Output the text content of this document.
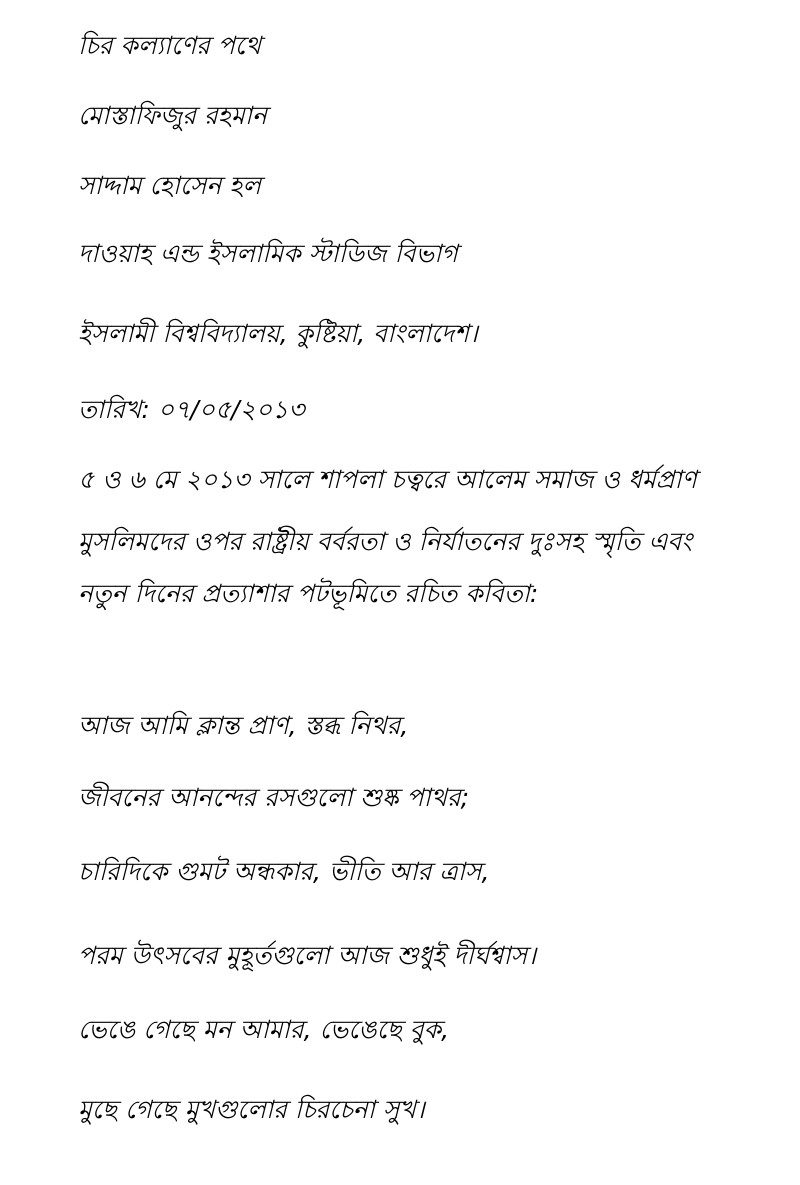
চির কল্যাণের পথে
মোস্তাফিজুর রহমান
সাদ্দাম হোসেন হল
দাওয়াহ এন্ড ইসলামিক স্টাডিজ বিভাগ
ইসলামী বিশ্ববিদ্যালয়, কুষ্টিয়া, বাংলাদেশ।
তারিখ: ০৭/০৫/২০১৩
৫ ও ৬ মে ২০১৩ সালে শাপলা চত্বরে আলেম সমাজ ও ধর্মপ্রাণ
মুসলিমদের ওপর রাষ্ট্রীয় বর্বরতা ও নির্যাতনের দুঃসহ স্মৃতি এবং
নতুন দিনের প্রত্যাশার পটভূমিতে রচিত কবিতা:
আজ আমি ক্লান্ত প্রাণ, স্তব্ধ নিথর,
জীবনের আনন্দের রসগুলো শুষ্ক পাথর;
চারিদিকে গুমট অন্ধকার, ভীতি আর ত্রাস,
পরম উৎসবের মুহূর্তগুলো আজ শুধুই দীর্ঘশ্বাস।
ভেঙে গেছে মন আমার, ভেঙেছে বুক,
মুছে গেছে মুখগুলোর চিরচেনা সুখ।
